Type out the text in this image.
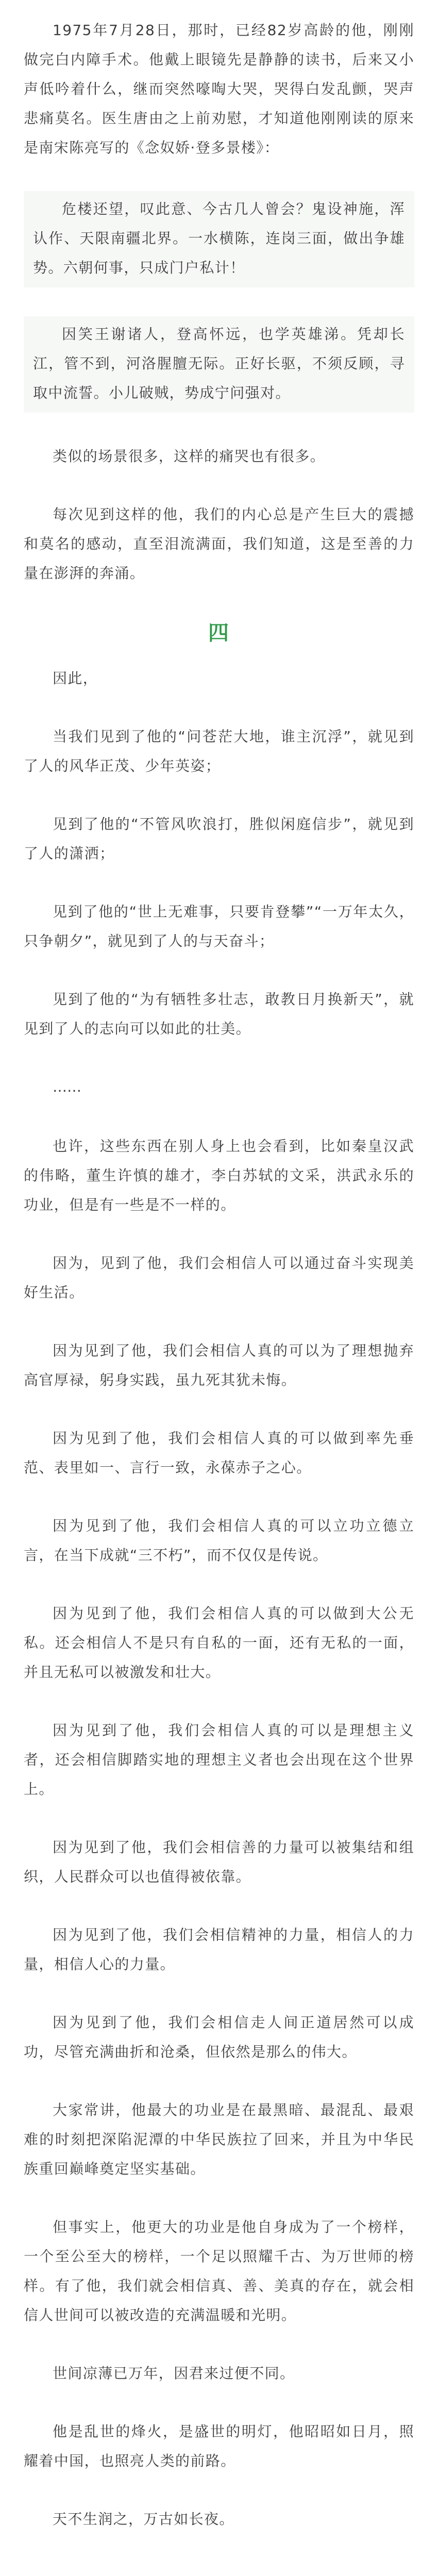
1975年7月28日，那时，已经82岁高龄的他，刚刚做完白内障手术。他戴上眼镜先是静静的读书，后来又小声低吟着什么，继而突然嚎啕大哭，哭得白发乱颤，哭声悲痛莫名。医生唐由之上前劝慰，才知道他刚刚读的原来是南宋陈亮写的《念奴娇·登多景楼》：

危楼还望，叹此意、今古几人曾会？鬼设神施，浑认作、天限南疆北界。一水横陈，连岗三面，做出争雄势。六朝何事，只成门户私计！

因笑王谢诸人，登高怀远，也学英雄涕。凭却长江，管不到，河洛腥膻无际。正好长驱，不须反顾，寻取中流誓。小儿破贼，势成宁问强对。

类似的场景很多，这样的痛哭也有很多。

每次见到这样的他，我们的内心总是产生巨大的震撼和莫名的感动，直至泪流满面，我们知道，这是至善的力量在澎湃的奔涌。

四

因此，

当我们见到了他的“问苍茫大地，谁主沉浮”，就见到了人的风华正茂、少年英姿；

见到了他的“不管风吹浪打，胜似闲庭信步”，就见到了人的潇洒；

见到了他的“世上无难事，只要肯登攀”“一万年太久，只争朝夕”，就见到了人的与天奋斗；

见到了他的“为有牺牲多壮志，敢教日月换新天”，就见到了人的志向可以如此的壮美。

……

也许，这些东西在别人身上也会看到，比如秦皇汉武的伟略，董生许慎的雄才，李白苏轼的文采，洪武永乐的功业，但是有一些是不一样的。

因为，见到了他，我们会相信人可以通过奋斗实现美好生活。

因为见到了他，我们会相信人真的可以为了理想抛弃高官厚禄，躬身实践，虽九死其犹未悔。

因为见到了他，我们会相信人真的可以做到率先垂范、表里如一、言行一致，永葆赤子之心。

因为见到了他，我们会相信人真的可以立功立德立言，在当下成就“三不朽”，而不仅仅是传说。

因为见到了他，我们会相信人真的可以做到大公无私。还会相信人不是只有自私的一面，还有无私的一面，并且无私可以被激发和壮大。

因为见到了他，我们会相信人真的可以是理想主义者，还会相信脚踏实地的理想主义者也会出现在这个世界上。

因为见到了他，我们会相信善的力量可以被集结和组织，人民群众可以也值得被依靠。

因为见到了他，我们会相信精神的力量，相信人的力量，相信人心的力量。

因为见到了他，我们会相信走人间正道居然可以成功，尽管充满曲折和沧桑，但依然是那么的伟大。

大家常讲，他最大的功业是在最黑暗、最混乱、最艰难的时刻把深陷泥潭的中华民族拉了回来，并且为中华民族重回巅峰奠定坚实基础。

但事实上，他更大的功业是他自身成为了一个榜样，一个至公至大的榜样，一个足以照耀千古、为万世师的榜样。有了他，我们就会相信真、善、美真的存在，就会相信人世间可以被改造的充满温暖和光明。

世间凉薄已万年，因君来过便不同。

他是乱世的烽火，是盛世的明灯，他昭昭如日月，照耀着中国，也照亮人类的前路。

天不生润之，万古如长夜。
